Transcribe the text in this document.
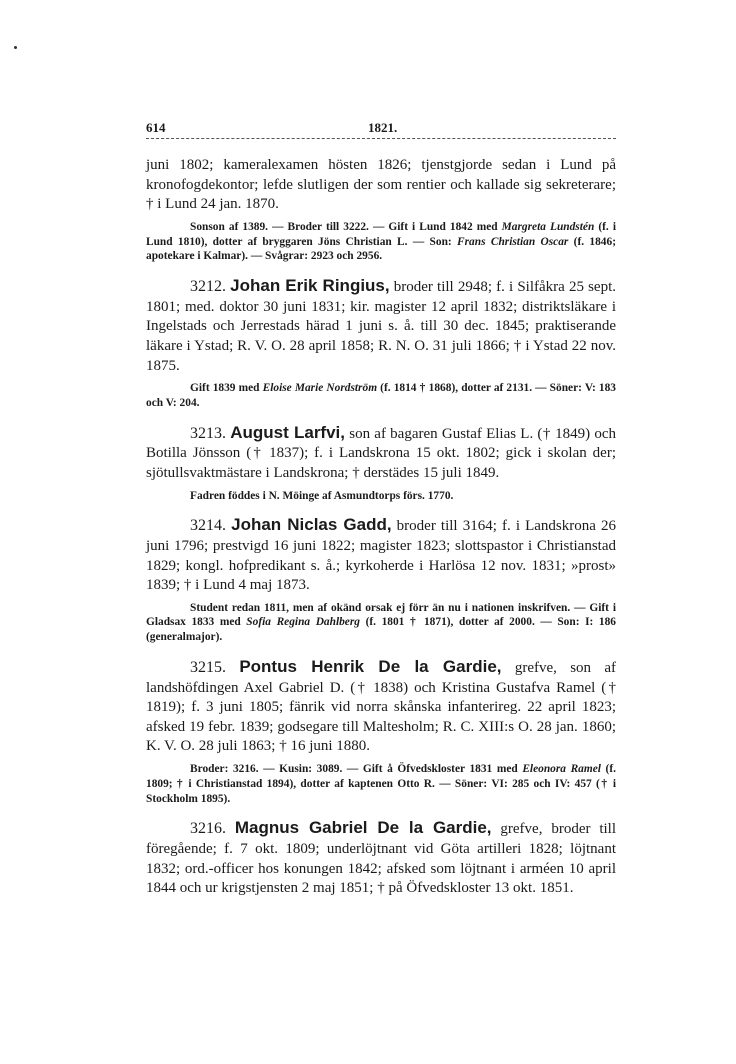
614	1821.

juni 1802; kameralexamen hösten 1826; tjenstgjorde sedan i Lund på kronofogdekontor; lefde slutligen der som rentier och kallade sig sekreterare; † i Lund 24 jan. 1870.

Sonson af 1389. — Broder till 3222. — Gift i Lund 1842 med Margreta Lundstén (f. i Lund 1810), dotter af bryggaren Jöns Christian L. — Son: Frans Christian Oscar (f. 1846; apotekare i Kalmar). — Svågrar: 2923 och 2956.

3212. Johan Erik Ringius, broder till 2948; f. i Silfåkra 25 sept. 1801; med. doktor 30 juni 1831; kir. magister 12 april 1832; distriktsläkare i Ingelstads och Jerrestads härad 1 juni s. å. till 30 dec. 1845; praktiserande läkare i Ystad; R. V. O. 28 april 1858; R. N. O. 31 juli 1866; † i Ystad 22 nov. 1875.

Gift 1839 med Eloise Marie Nordström (f. 1814 † 1868), dotter af 2131. — Söner: V: 183 och V: 204.

3213. August Larfvi, son af bagaren Gustaf Elias L. († 1849) och Botilla Jönsson († 1837); f. i Landskrona 15 okt. 1802; gick i skolan der; sjötullsvaktmästare i Landskrona; † derstädes 15 juli 1849.

Fadren föddes i N. Möinge af Asmundtorps förs. 1770.

3214. Johan Niclas Gadd, broder till 3164; f. i Landskrona 26 juni 1796; prestvigd 16 juni 1822; magister 1823; slottspastor i Christianstad 1829; kongl. hofpredikant s. å.; kyrkoherde i Harlösa 12 nov. 1831; »prost» 1839; † i Lund 4 maj 1873.

Student redan 1811, men af okänd orsak ej förr än nu i nationen inskrifven. — Gift i Gladsax 1833 med Sofia Regina Dahlberg (f. 1801 † 1871), dotter af 2000. — Son: I: 186 (generalmajor).

3215. Pontus Henrik De la Gardie, grefve, son af landshöfdingen Axel Gabriel D. († 1838) och Kristina Gustafva Ramel († 1819); f. 3 juni 1805; fänrik vid norra skånska infanterireg. 22 april 1823; afsked 19 febr. 1839; godsegare till Maltesholm; R. C. XIII:s O. 28 jan. 1860; K. V. O. 28 juli 1863; † 16 juni 1880.

Broder: 3216. — Kusin: 3089. — Gift å Öfvedskloster 1831 med Eleonora Ramel (f. 1809; † i Christianstad 1894), dotter af kaptenen Otto R. — Söner: VI: 285 och IV: 457 († i Stockholm 1895).

3216. Magnus Gabriel De la Gardie, grefve, broder till föregående; f. 7 okt. 1809; underlöjtnant vid Göta artilleri 1828; löjtnant 1832; ord.-officer hos konungen 1842; afsked som löjtnant i arméen 10 april 1844 och ur krigstjensten 2 maj 1851; † på Öfvedskloster 13 okt. 1851.
